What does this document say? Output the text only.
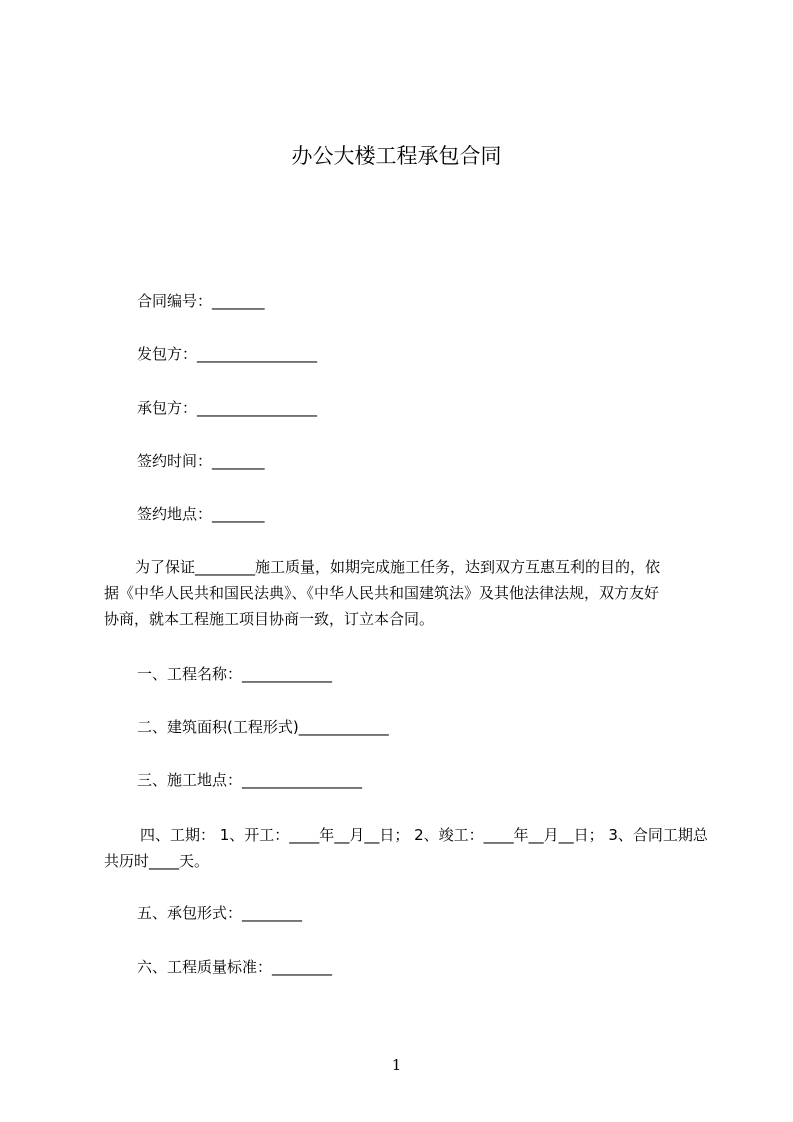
办公大楼工程承包合同
合同编号：_______
发包方：________________
承包方：________________
签约时间：_______
签约地点：_______
为了保证________施工质量，如期完成施工任务，达到双方互惠互利的目的，依
据《中华人民共和国民法典》、《中华人民共和国建筑法》及其他法律法规，双方友好
协商，就本工程施工项目协商一致，订立本合同。
一、工程名称：____________
二、建筑面积(工程形式)____________
三、施工地点：________________
四、工期： 1、开工：____年__月__日； 2、竣工：____年__月__日； 3、合同工期总
共历时____天。
五、承包形式：________
六、工程质量标准：________
1
